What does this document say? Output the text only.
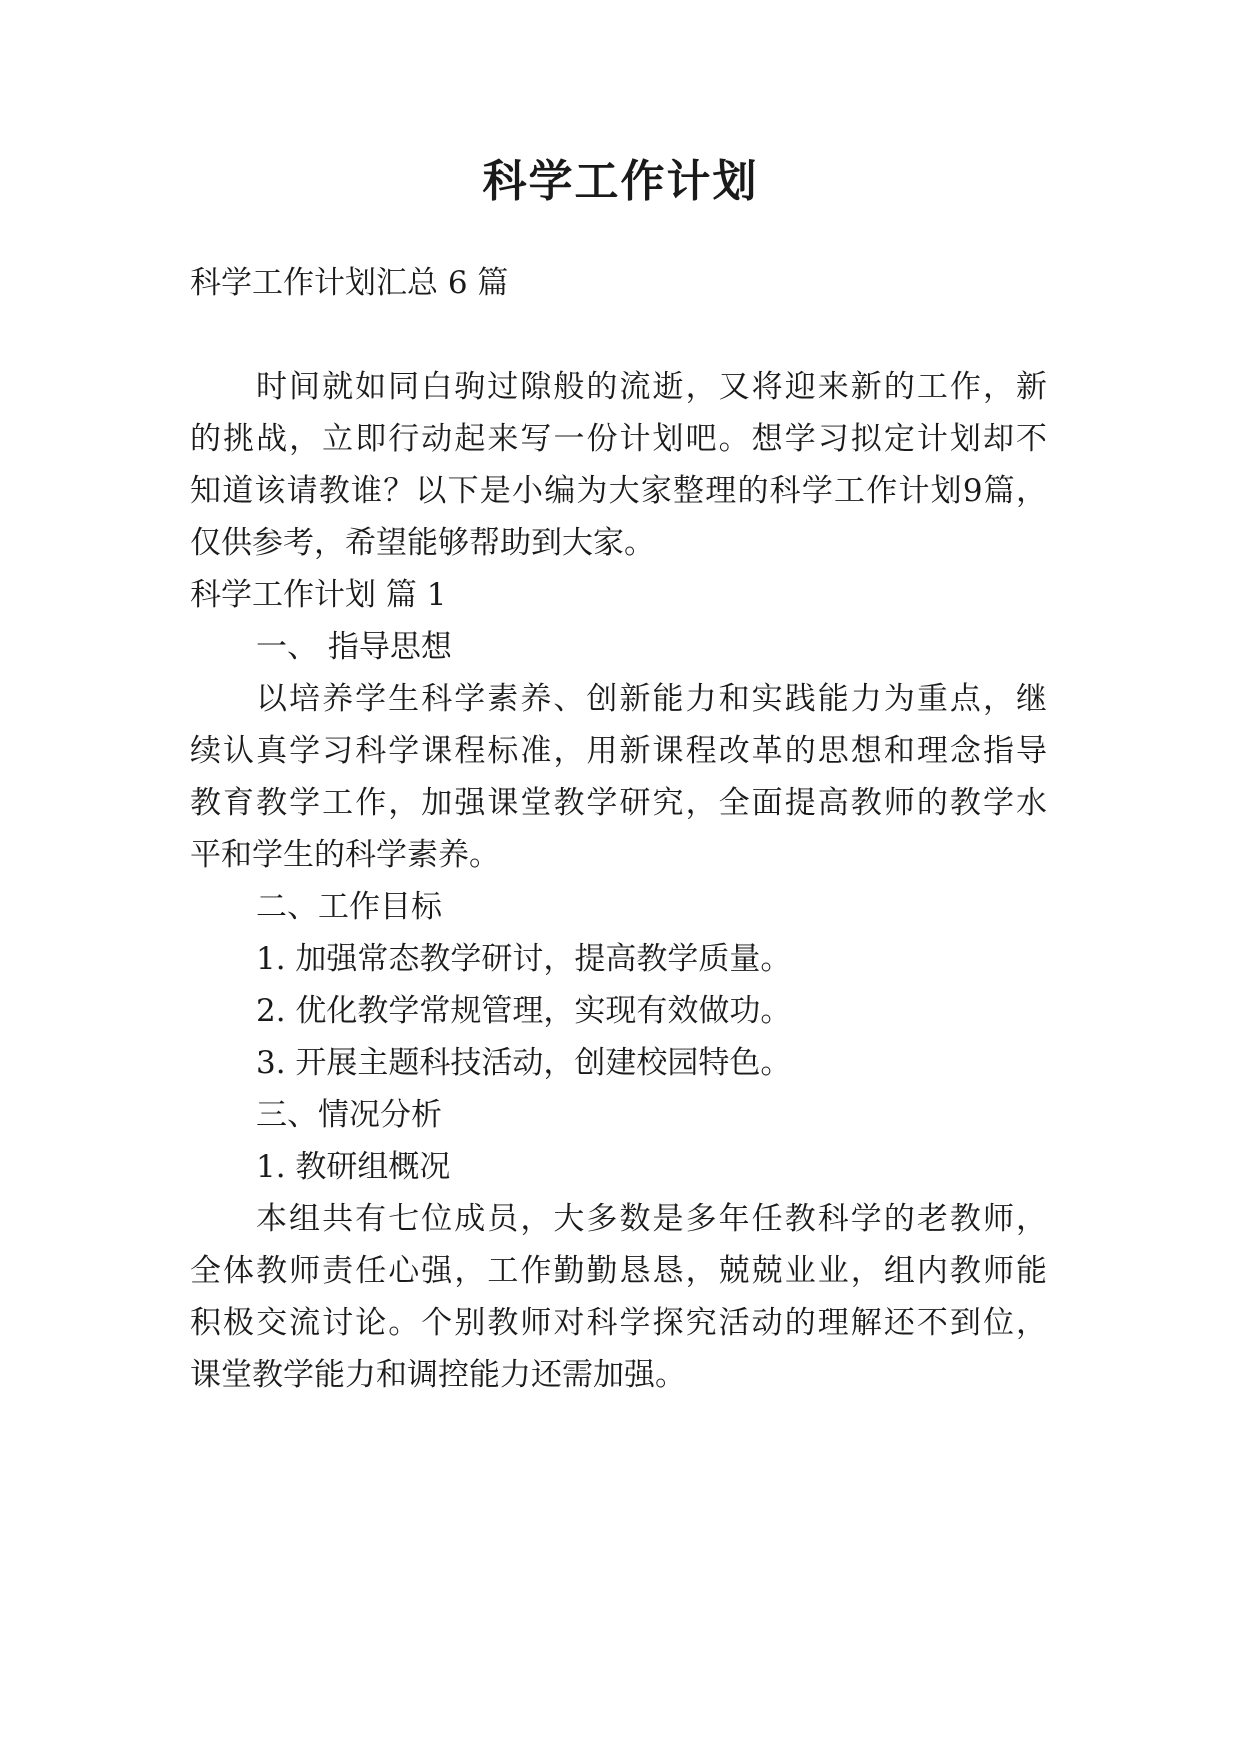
科学工作计划

科学工作计划汇总 6 篇

时间就如同白驹过隙般的流逝，又将迎来新的工作，新

的挑战，立即行动起来写一份计划吧。想学习拟定计划却不

知道该请教谁？以下是小编为大家整理的科学工作计划9篇，

仅供参考，希望能够帮助到大家。

科学工作计划 篇 1

一、 指导思想

以培养学生科学素养、创新能力和实践能力为重点，继

续认真学习科学课程标准，用新课程改革的思想和理念指导

教育教学工作，加强课堂教学研究，全面提高教师的教学水

平和学生的科学素养。

二、工作目标

1. 加强常态教学研讨，提高教学质量。

2. 优化教学常规管理，实现有效做功。

3. 开展主题科技活动，创建校园特色。

三、情况分析

1. 教研组概况

本组共有七位成员，大多数是多年任教科学的老教师，

全体教师责任心强，工作勤勤恳恳，兢兢业业，组内教师能

积极交流讨论。个别教师对科学探究活动的理解还不到位，

课堂教学能力和调控能力还需加强。
